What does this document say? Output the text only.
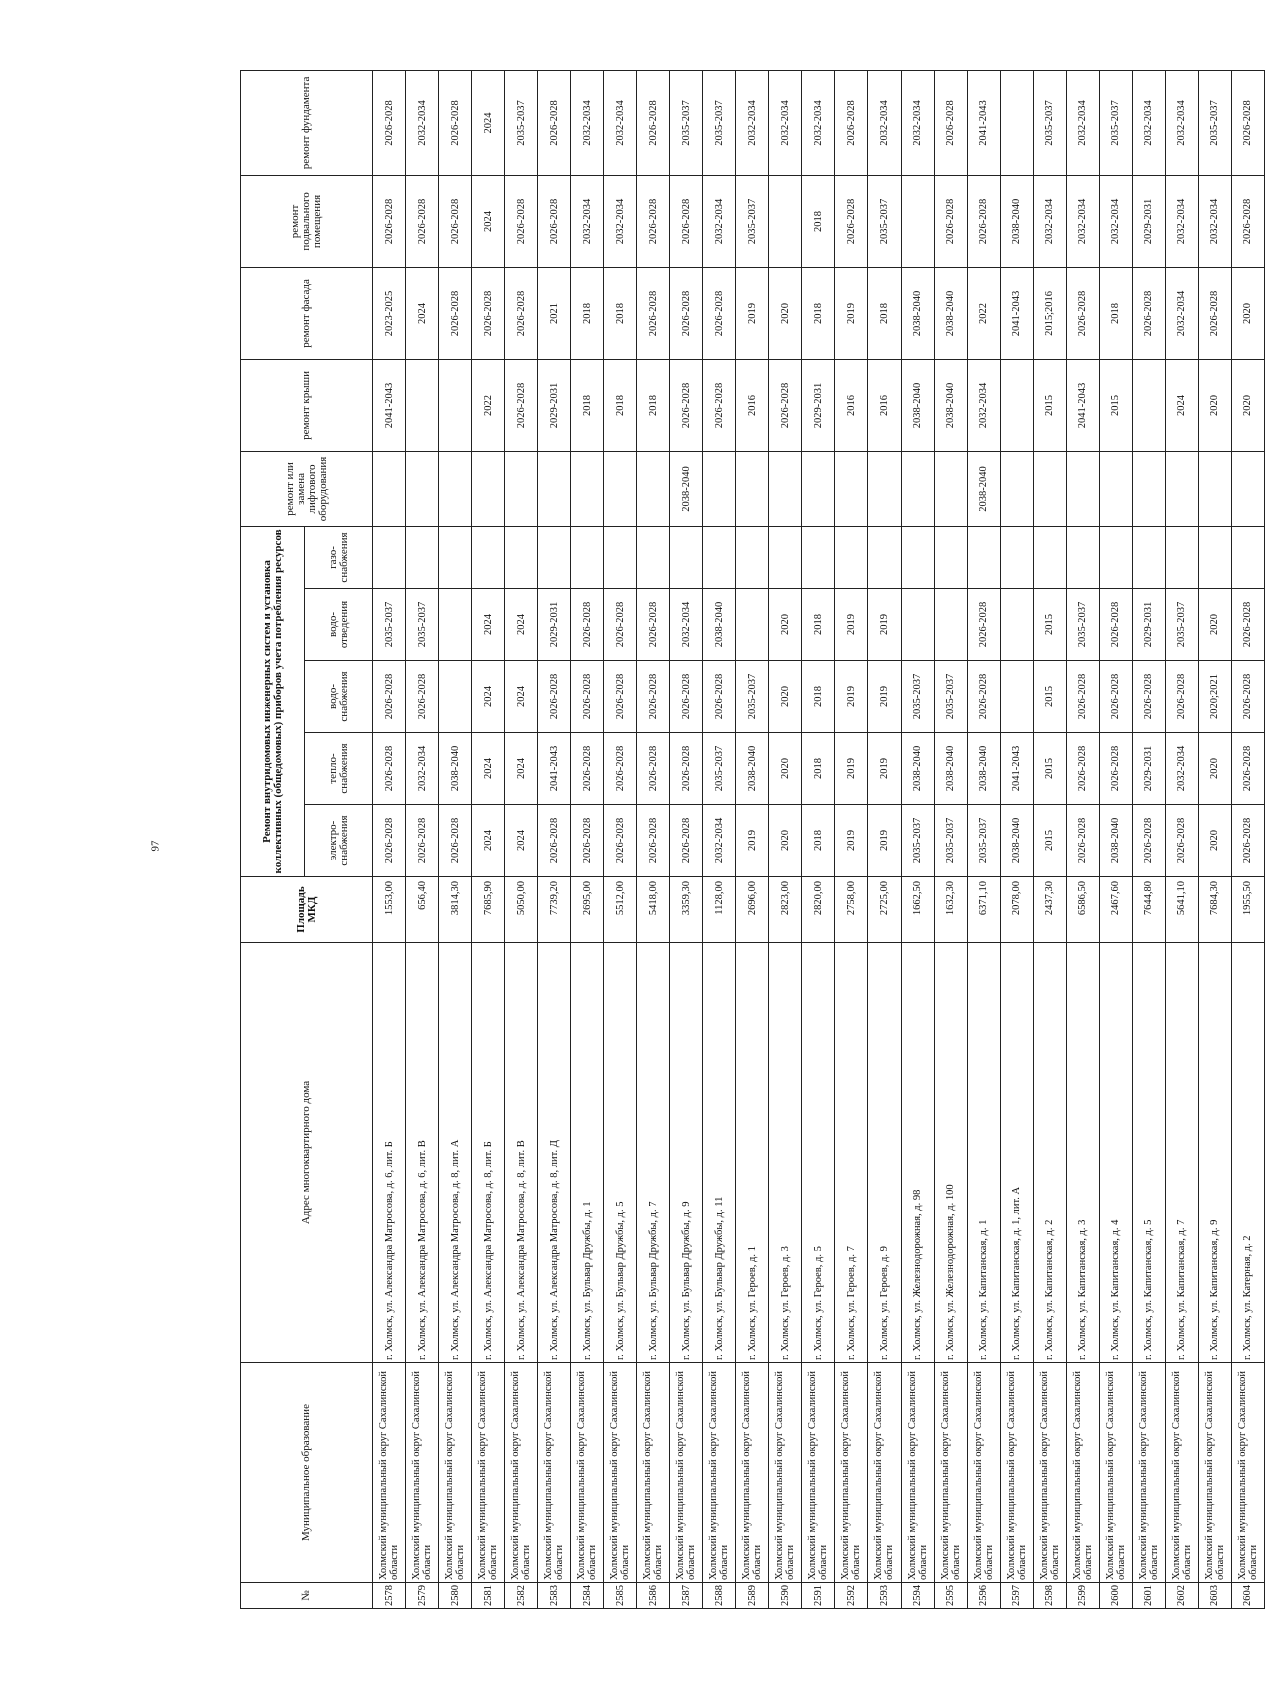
97
№	Муниципальное образование	Адрес многоквартирного дома	Площадь МКД	Ремонт внутридомовых инженерных систем и установка коллективных (общедомовых) приборов учета потребления ресурсов					ремонт или замена лифтового оборудования	ремонт крыши	ремонт фасада	ремонт подвального помещения	ремонт фундамента
				электро-снабжения	тепло-снабжения	водо-снабжения	водо-отведения	газо-снабжения					
2578	Холмский муниципальный округ Сахалинской области	г. Холмск, ул. Александра Матросова, д. 6, лит. Б	1553,00	2026-2028	2026-2028	2026-2028	2035-2037			2041-2043	2023-2025	2026-2028	2026-2028
2579	Холмский муниципальный округ Сахалинской области	г. Холмск, ул. Александра Матросова, д. 6, лит. В	656,40	2026-2028	2032-2034	2026-2028	2035-2037				2024	2026-2028	2032-2034
2580	Холмский муниципальный округ Сахалинской области	г. Холмск, ул. Александра Матросова, д. 8, лит. А	3814,30	2026-2028	2038-2040						2026-2028	2026-2028	2026-2028
2581	Холмский муниципальный округ Сахалинской области	г. Холмск, ул. Александра Матросова, д. 8, лит. Б	7685,90	2024	2024	2024	2024			2022	2026-2028	2024	2024
2582	Холмский муниципальный округ Сахалинской области	г. Холмск, ул. Александра Матросова, д. 8, лит. В	5050,00	2024	2024	2024	2024			2026-2028	2026-2028	2026-2028	2035-2037
2583	Холмский муниципальный округ Сахалинской области	г. Холмск, ул. Александра Матросова, д. 8, лит. Д	7739,20	2026-2028	2041-2043	2026-2028	2029-2031			2029-2031	2021	2026-2028	2026-2028
2584	Холмский муниципальный округ Сахалинской области	г. Холмск, ул. Бульвар Дружбы, д. 1	2695,00	2026-2028	2026-2028	2026-2028	2026-2028			2018	2018	2032-2034	2032-2034
2585	Холмский муниципальный округ Сахалинской области	г. Холмск, ул. Бульвар Дружбы, д. 5	5512,00	2026-2028	2026-2028	2026-2028	2026-2028			2018	2018	2032-2034	2032-2034
2586	Холмский муниципальный округ Сахалинской области	г. Холмск, ул. Бульвар Дружбы, д. 7	5418,00	2026-2028	2026-2028	2026-2028	2026-2028			2018	2026-2028	2026-2028	2026-2028
2587	Холмский муниципальный округ Сахалинской области	г. Холмск, ул. Бульвар Дружбы, д. 9	3359,30	2026-2028	2026-2028	2026-2028	2032-2034		2038-2040	2026-2028	2026-2028	2026-2028	2035-2037
2588	Холмский муниципальный округ Сахалинской области	г. Холмск, ул. Бульвар Дружбы, д. 11	1128,00	2032-2034	2035-2037	2026-2028	2038-2040			2026-2028	2026-2028	2032-2034	2035-2037
2589	Холмский муниципальный округ Сахалинской области	г. Холмск, ул. Героев, д. 1	2696,00	2019	2038-2040	2035-2037				2016	2019	2035-2037	2032-2034
2590	Холмский муниципальный округ Сахалинской области	г. Холмск, ул. Героев, д. 3	2823,00	2020	2020	2020	2020			2026-2028	2020		2032-2034
2591	Холмский муниципальный округ Сахалинской области	г. Холмск, ул. Героев, д. 5	2820,00	2018	2018	2018	2018			2029-2031	2018	2018	2032-2034
2592	Холмский муниципальный округ Сахалинской области	г. Холмск, ул. Героев, д. 7	2758,00	2019	2019	2019	2019			2016	2019	2026-2028	2026-2028
2593	Холмский муниципальный округ Сахалинской области	г. Холмск, ул. Героев, д. 9	2725,00	2019	2019	2019	2019			2016	2018	2035-2037	2032-2034
2594	Холмский муниципальный округ Сахалинской области	г. Холмск, ул. Железнодорожная, д. 98	1662,50	2035-2037	2038-2040	2035-2037				2038-2040	2038-2040		2032-2034
2595	Холмский муниципальный округ Сахалинской области	г. Холмск, ул. Железнодорожная, д. 100	1632,30	2035-2037	2038-2040	2035-2037				2038-2040	2038-2040	2026-2028	2026-2028
2596	Холмский муниципальный округ Сахалинской области	г. Холмск, ул. Капитанская, д. 1	6371,10	2035-2037	2038-2040	2026-2028	2026-2028		2038-2040	2032-2034	2022	2026-2028	2041-2043
2597	Холмский муниципальный округ Сахалинской области	г. Холмск, ул. Капитанская, д. 1, лит. А	2078,00	2038-2040	2041-2043						2041-2043	2038-2040	
2598	Холмский муниципальный округ Сахалинской области	г. Холмск, ул. Капитанская, д. 2	2437,30	2015	2015	2015	2015			2015	2015;2016	2032-2034	2035-2037
2599	Холмский муниципальный округ Сахалинской области	г. Холмск, ул. Капитанская, д. 3	6586,50	2026-2028	2026-2028	2026-2028	2035-2037			2041-2043	2026-2028	2032-2034	2032-2034
2600	Холмский муниципальный округ Сахалинской области	г. Холмск, ул. Капитанская, д. 4	2467,60	2038-2040	2026-2028	2026-2028	2026-2028			2015	2018	2032-2034	2035-2037
2601	Холмский муниципальный округ Сахалинской области	г. Холмск, ул. Капитанская, д. 5	7644,80	2026-2028	2029-2031	2026-2028	2029-2031				2026-2028	2029-2031	2032-2034
2602	Холмский муниципальный округ Сахалинской области	г. Холмск, ул. Капитанская, д. 7	5641,10	2026-2028	2032-2034	2026-2028	2035-2037			2024	2032-2034	2032-2034	2032-2034
2603	Холмский муниципальный округ Сахалинской области	г. Холмск, ул. Капитанская, д. 9	7684,30	2020	2020	2020;2021	2020			2020	2026-2028	2032-2034	2035-2037
2604	Холмский муниципальный округ Сахалинской области	г. Холмск, ул. Катерная, д. 2	1955,50	2026-2028	2026-2028	2026-2028	2026-2028			2020	2020	2026-2028	2026-2028
